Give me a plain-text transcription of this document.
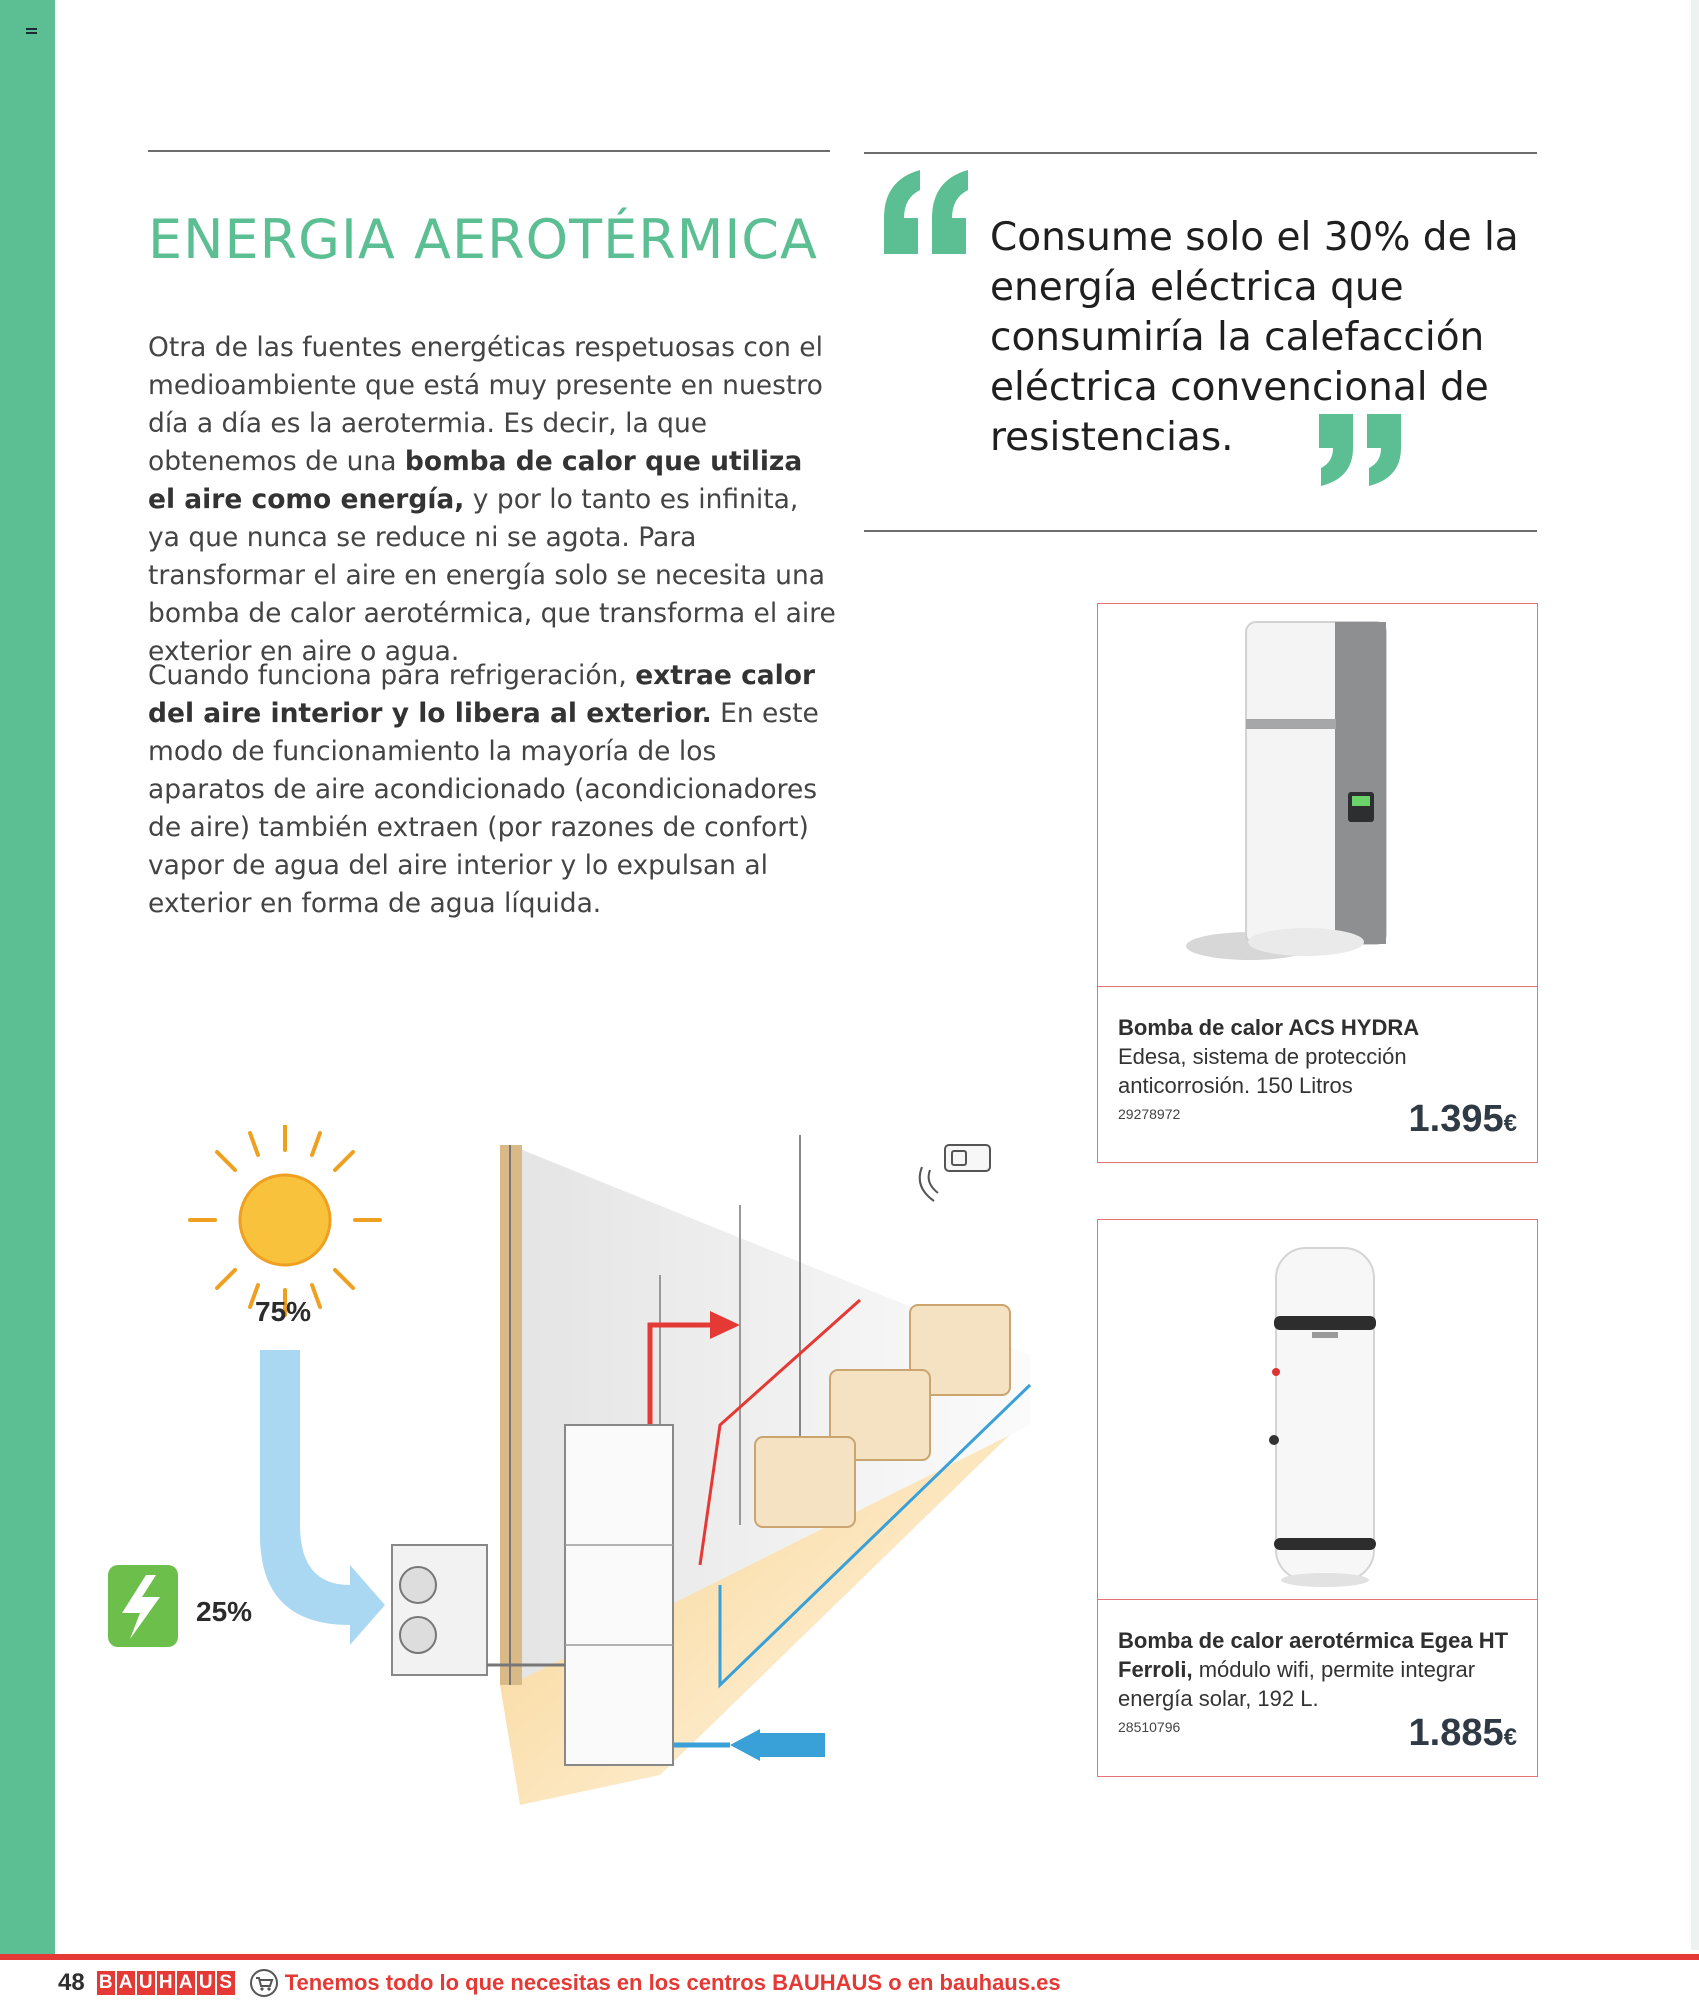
ENERGIA AEROTÉRMICA

Otra de las fuentes energéticas respetuosas con el medioambiente que está muy presente en nuestro día a día es la aerotermia. Es decir, la que obtenemos de una bomba de calor que utiliza el aire como energía, y por lo tanto es infinita, ya que nunca se reduce ni se agota. Para transformar el aire en energía solo se necesita una bomba de calor aerotérmica, que transforma el aire exterior en aire o agua.

Cuando funciona para refrigeración, extrae calor del aire interior y lo libera al exterior. En este modo de funcionamiento la mayoría de los aparatos de aire acondicionado (acondicionadores de aire) también extraen (por razones de confort) vapor de agua del aire interior y lo expulsan al exterior en forma de agua líquida.

Consume solo el 30% de la energía eléctrica que consumiría la calefacción eléctrica convencional de resistencias.

75%
25%

Bomba de calor ACS HYDRA
Edesa, sistema de protección anticorrosión. 150 Litros

29278972	1.395€

Bomba de calor aerotérmica Egea HT Ferroli, módulo wifi, permite integrar energía solar, 192 L.

28510796	1.885€
48 B A U H A U S Tenemos todo lo que necesitas en los centros BAUHAUS o en bauhaus.es
